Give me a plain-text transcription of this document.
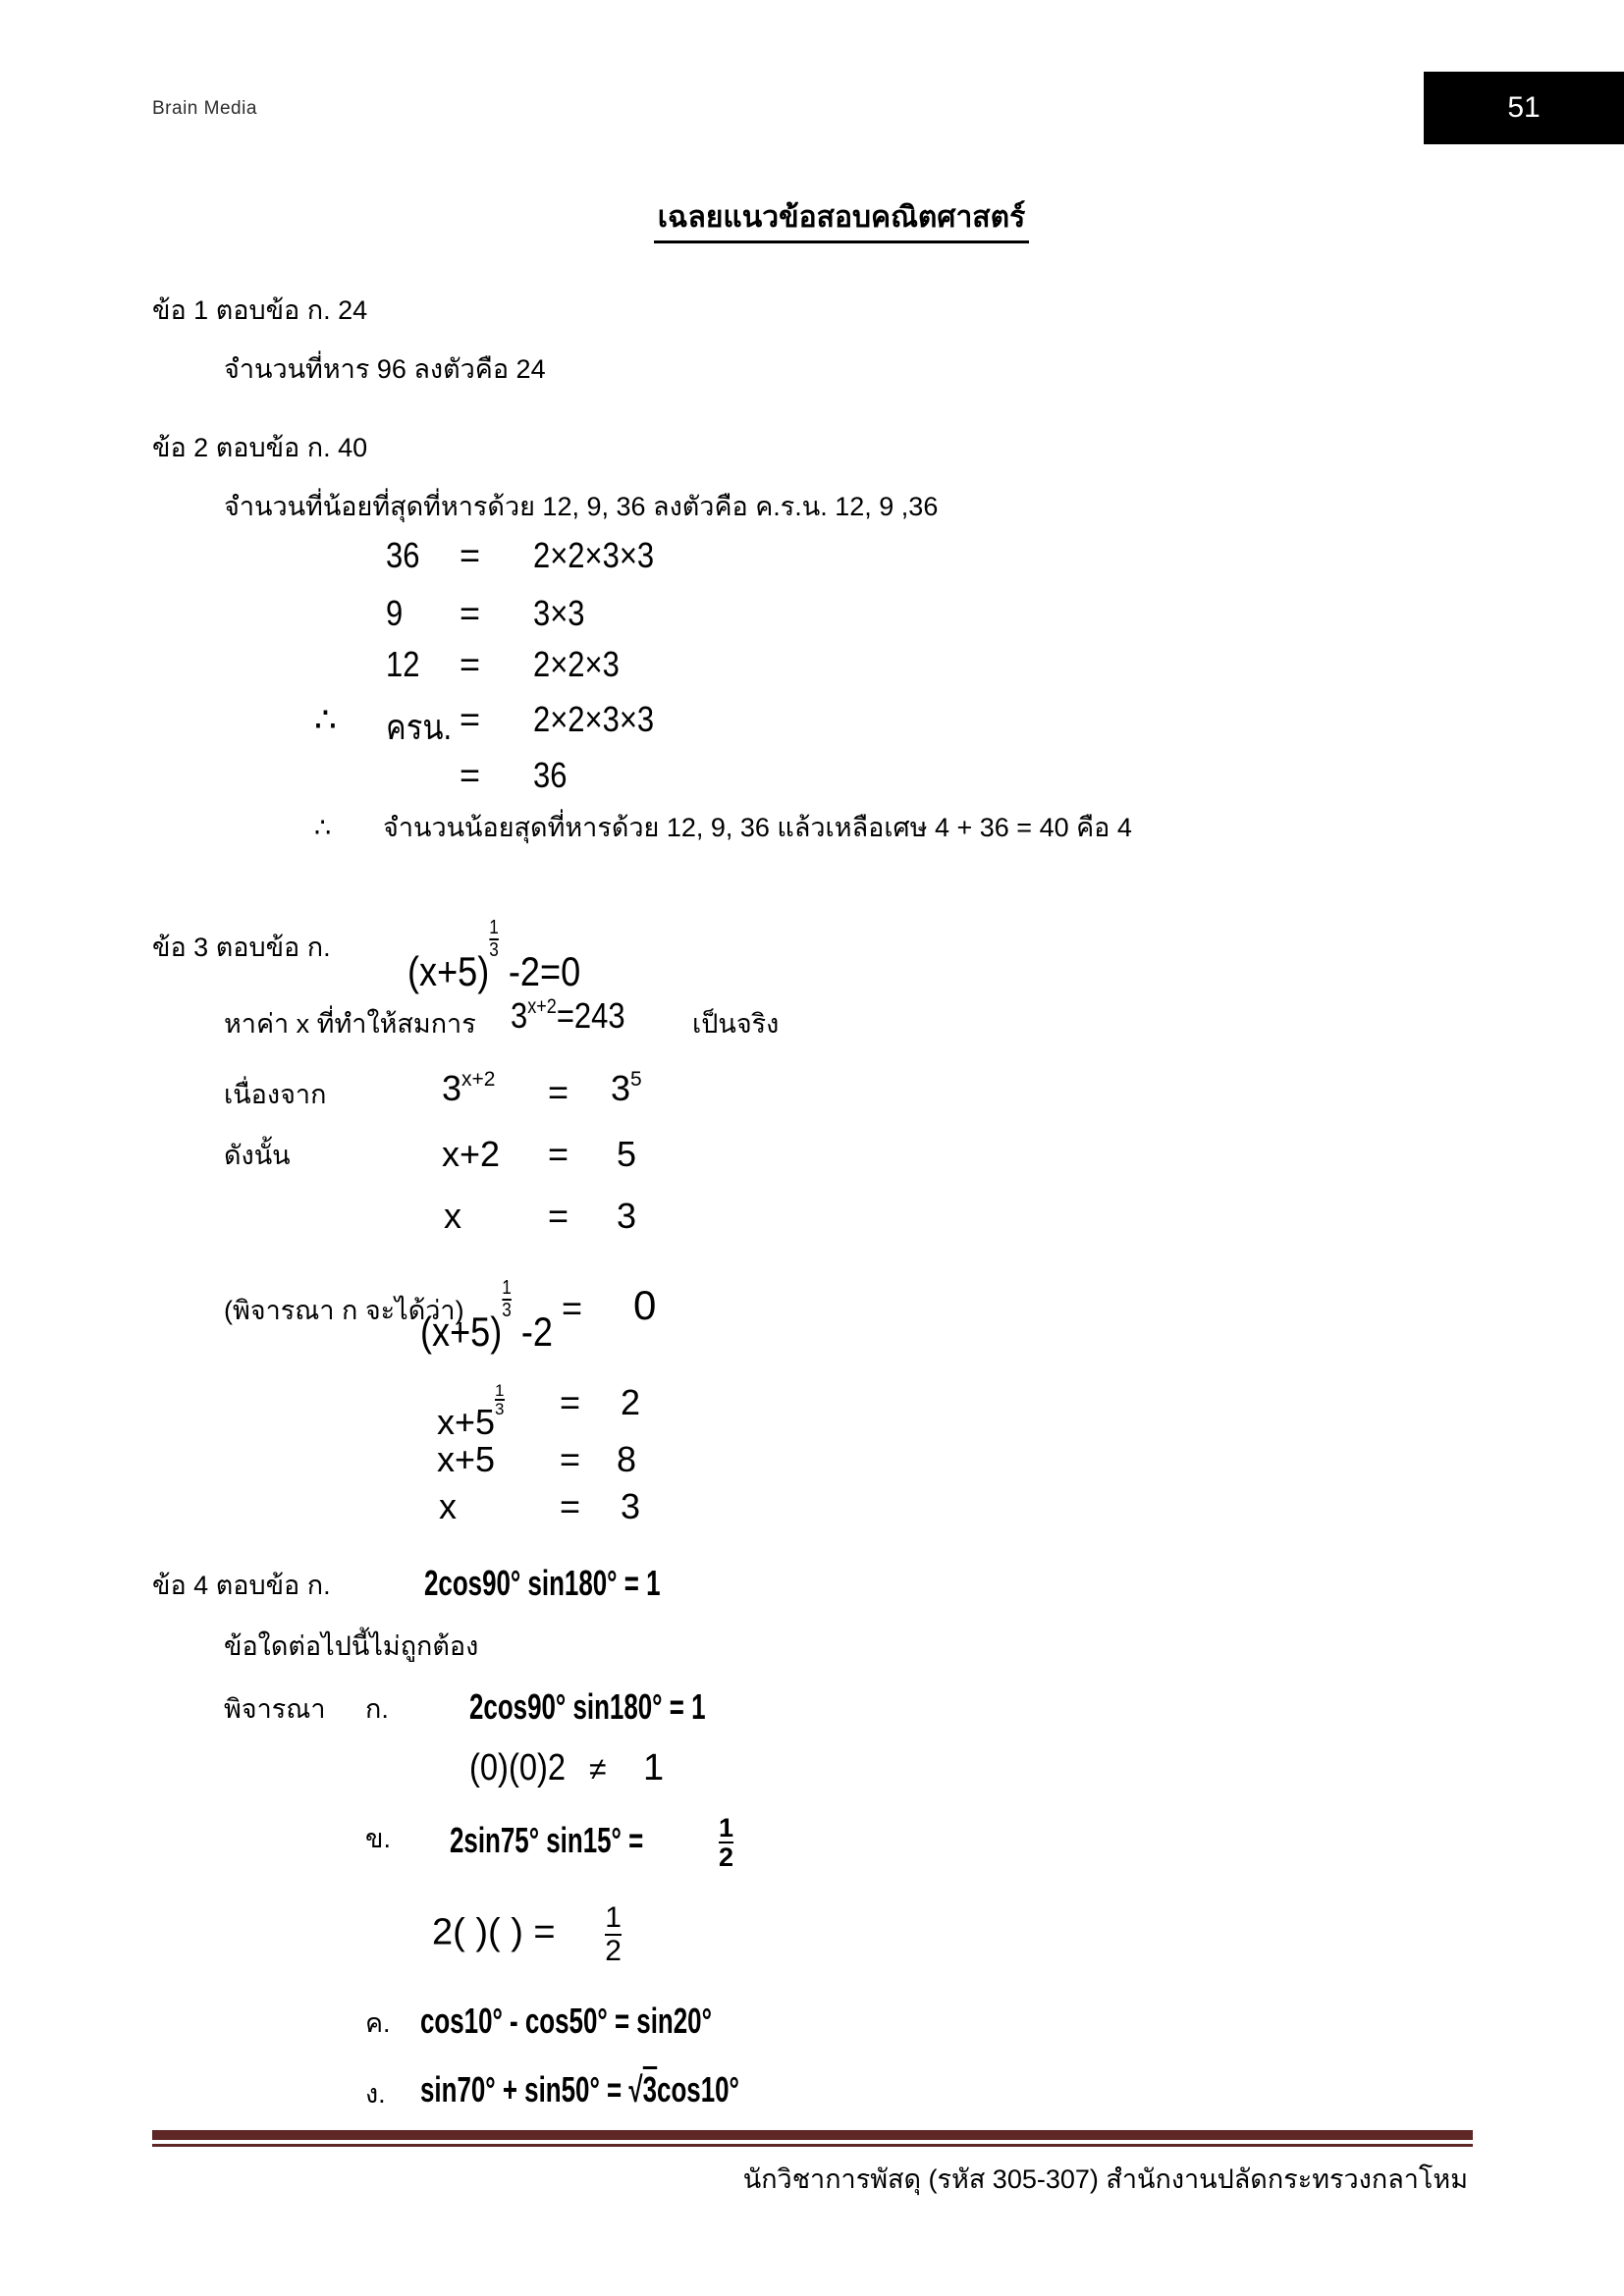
Brain Media	51
เฉลยแนวข้อสอบคณิตศาสตร์
ข้อ 1 ตอบข้อ ก. 24
จำนวนที่หาร 96 ลงตัวคือ 24
ข้อ 2 ตอบข้อ ก. 40
จำนวนที่น้อยที่สุดที่หารด้วย 12, 9, 36 ลงตัวคือ ค.ร.น. 12, 9 ,36
∴
36 = 2×2×3×3
9 = 3×3
12 = 2×2×3
ครน. = 2×2×3×3
= 36
∴ จำนวนน้อยสุดที่หารด้วย 12, 9, 36 แล้วเหลือเศษ 4 + 36 = 40 คือ 4
ข้อ 3 ตอบข้อ ก.
$(x+5)\frac{1}{3}$
-2=0
หาค่า x ที่ทำให้สมการ $3^{x+2}=243$	เป็นจริง
เนื่องจาก	$3^{x+2} = 3^5$
ดังนั้น	x+2 = 5
x = 3
(พิจารณา ก จะได้ว่า)
$(x+5)\frac{1}{3}$
-2
= 0
$x+5\frac{1}{3} = 2$
x+5 = 8
x	= 3
ข้อ 4 ตอบข้อ ก.	2cos90° sin180° = 1
ข้อใดต่อไปนี้ไม่ถูกต้อง
พิจารณา ก. 2cos90° sin180° = 1
(0)(0)2 ≠ 1
ข. 2sin75° sin15° =	$\frac{1}{2}$
2( )( ) = $\frac{1}{2}$
ค. cos10° - cos50° = sin20°
ง. sin70° + sin50° = √3cos10°
นักวิชาการพัสดุ (รหัส 305-307) สำนักงานปลัดกระทรวงกลาโหม
